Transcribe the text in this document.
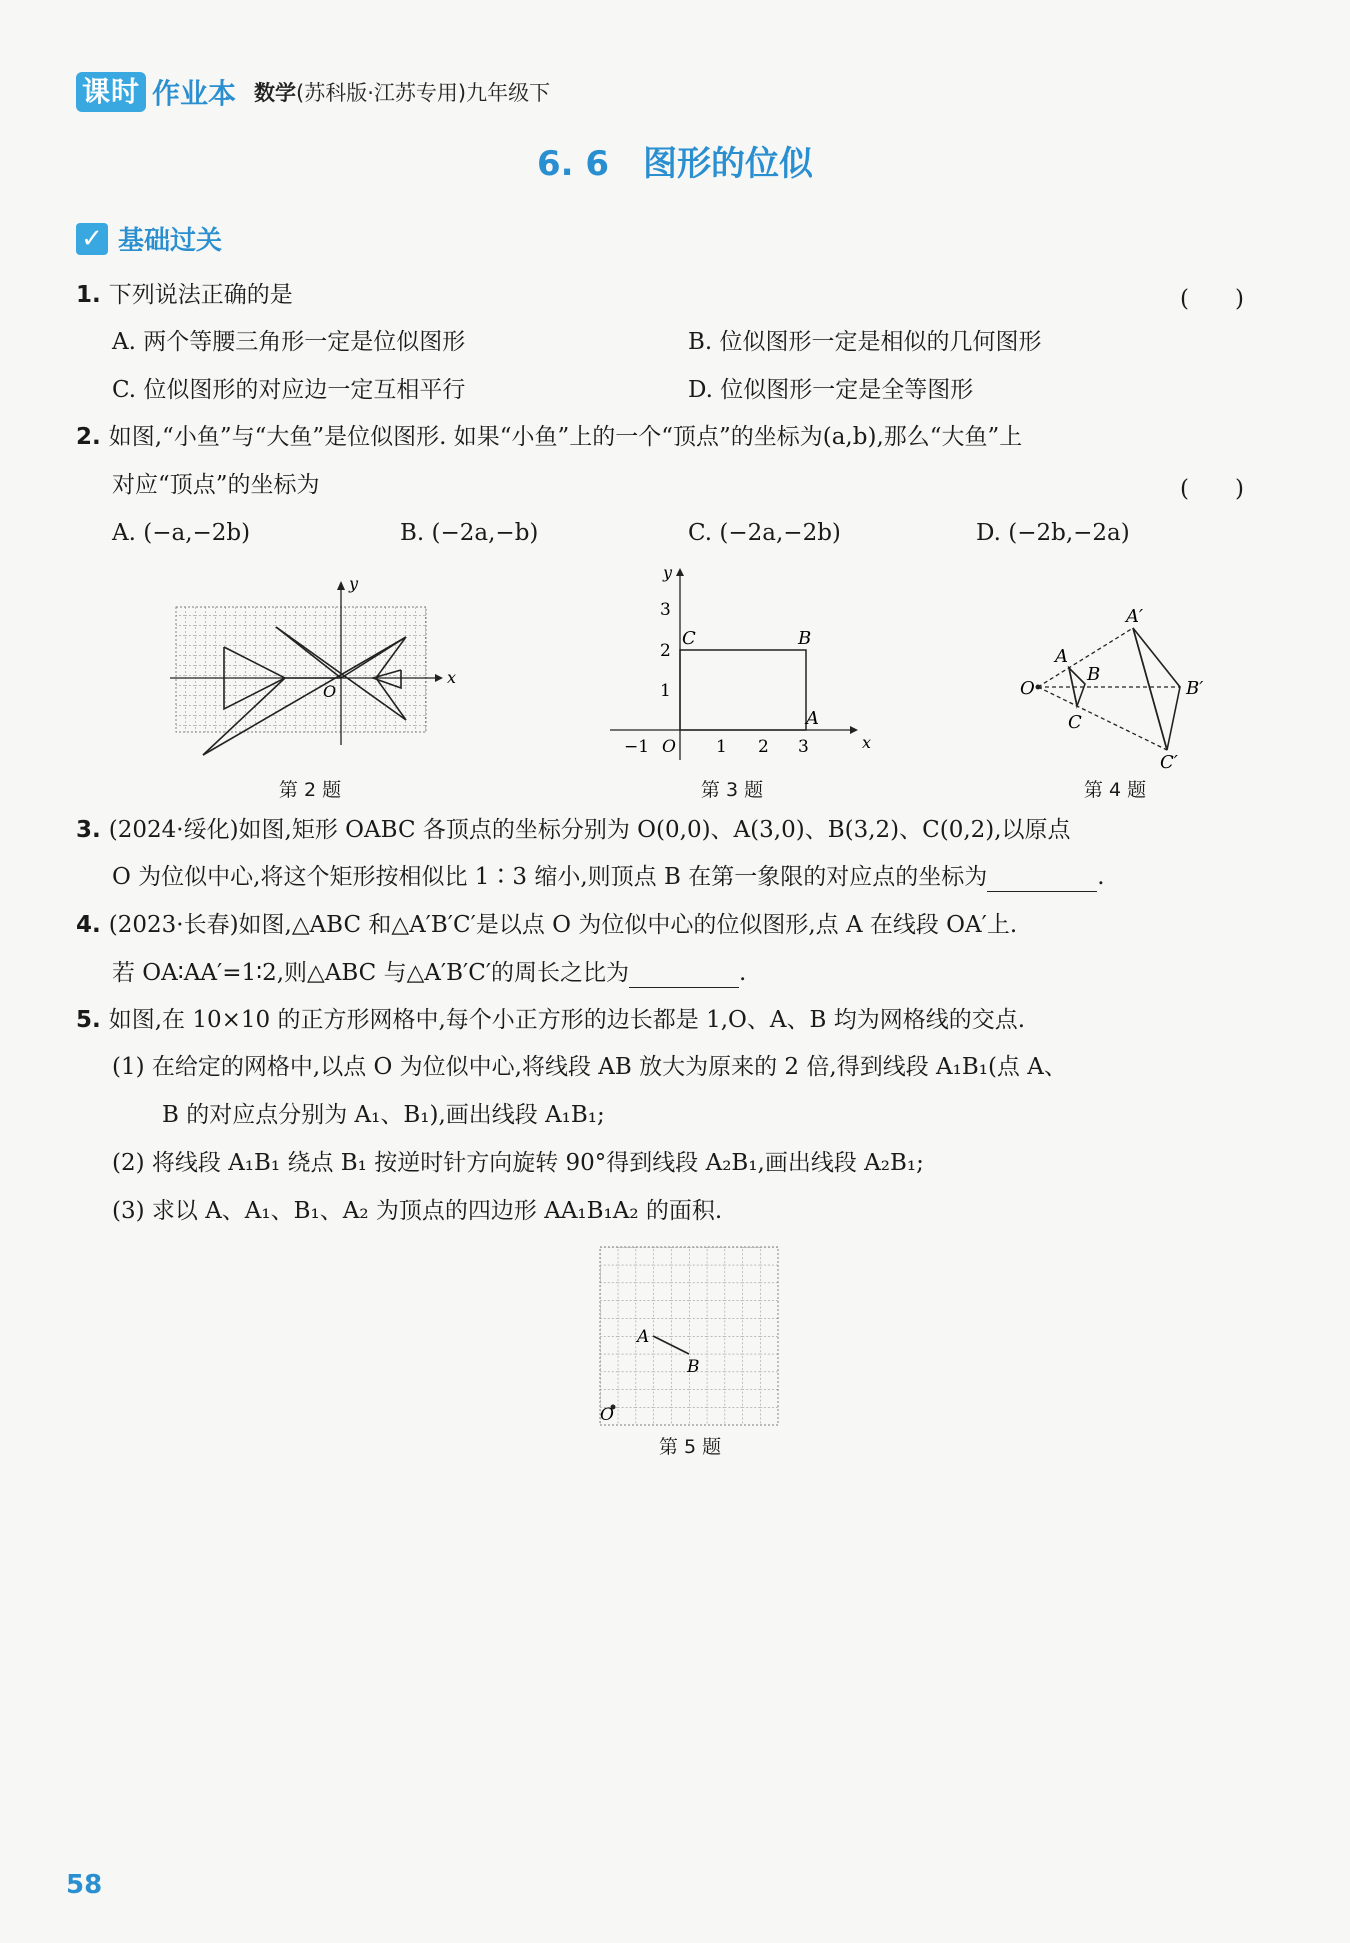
课时 作业本 数学(苏科版·江苏专用)九年级下
6. 6 图形的位似
✓ 基础过关
1. 下列说法正确的是	(　　)
A. 两个等腰三角形一定是位似图形	B. 位似图形一定是相似的几何图形
C. 位似图形的对应边一定互相平行	D. 位似图形一定是全等图形
2. 如图,“小鱼”与“大鱼”是位似图形. 如果“小鱼”上的一个“顶点”的坐标为(a,b),那么“大鱼”上
对应“顶点”的坐标为	(　　)
A. (−a,−2b)	B. (−2a,−b)	C. (−2a,−2b)	D. (−2b,−2a)
x
y
O
第 2 题
x
y
C	B
A
3
2
1
−1 O 1 2 3
第 3 题
O
A
B
C
A′
B′
C′
第 4 题
3. (2024·绥化)如图,矩形 OABC 各顶点的坐标分别为 O(0,0)、A(3,0)、B(3,2)、C(0,2),以原点
O 为位似中心,将这个矩形按相似比 1∶3 缩小,则顶点 B 在第一象限的对应点的坐标为	.
4. (2023·长春)如图,△ABC 和△A′B′C′是以点 O 为位似中心的位似图形,点 A 在线段 OA′上.
若 OA∶AA′=1∶2,则△ABC 与△A′B′C′的周长之比为	.
5. 如图,在 10×10 的正方形网格中,每个小正方形的边长都是 1,O、A、B 均为网格线的交点.
(1) 在给定的网格中,以点 O 为位似中心,将线段 AB 放大为原来的 2 倍,得到线段 A₁B₁(点 A、
B 的对应点分别为 A₁、B₁),画出线段 A₁B₁;
(2) 将线段 A₁B₁ 绕点 B₁ 按逆时针方向旋转 90°得到线段 A₂B₁,画出线段 A₂B₁;
(3) 求以 A、A₁、B₁、A₂ 为顶点的四边形 AA₁B₁A₂ 的面积.
A
B
O
第 5 题
58
